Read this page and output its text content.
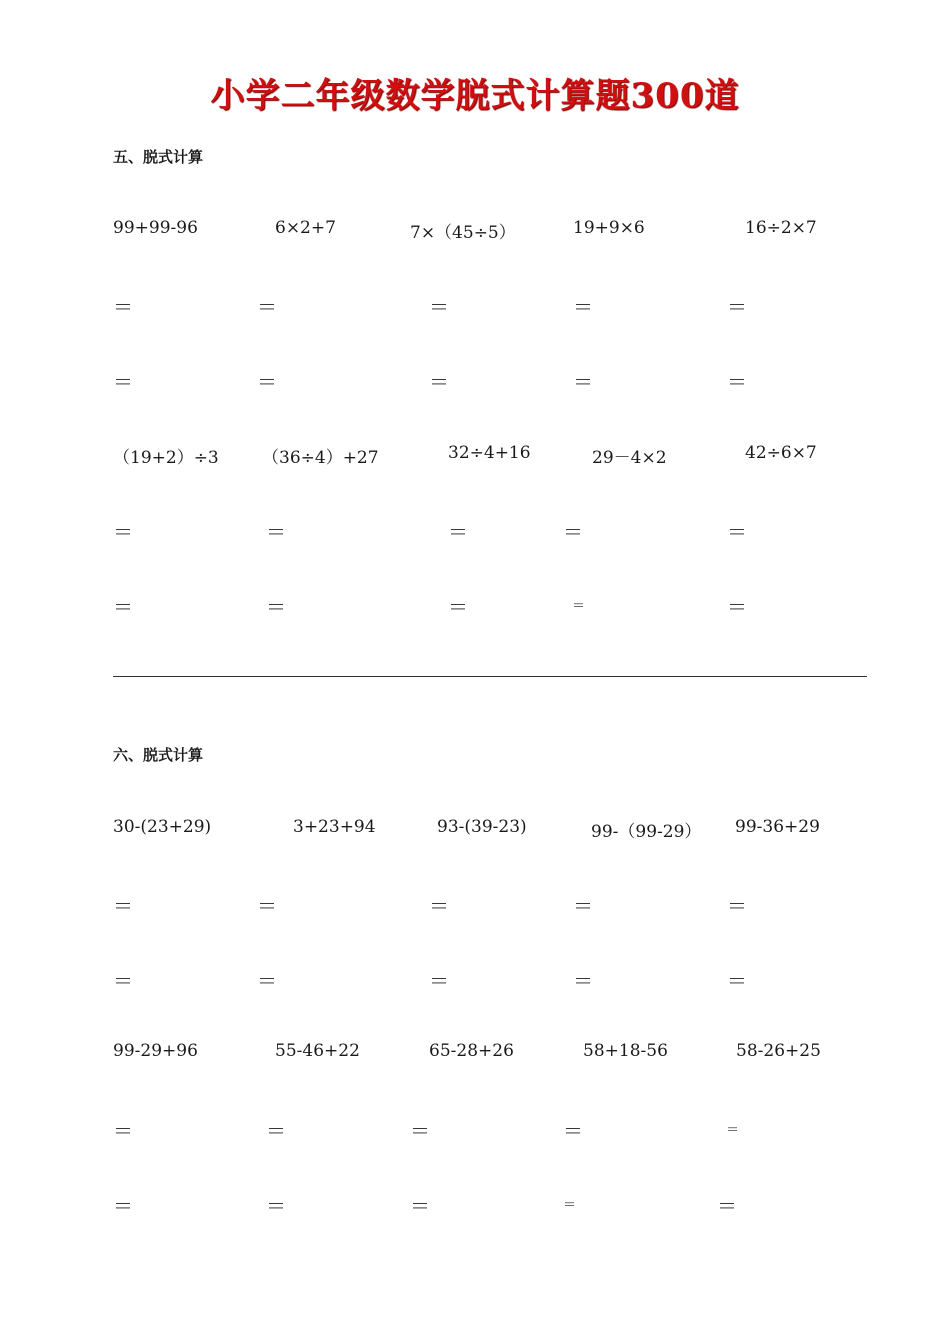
小学二年级数学脱式计算题300道
五、脱式计算
99+99-96	6×2+7	7×（45÷5）	19+9×6	16÷2×7
＝	＝	＝	＝	＝
＝	＝	＝	＝	＝
（19+2）÷3	（36÷4）+27	32÷4+16	29－4×2	42÷6×7
＝	＝	＝	＝	＝
＝	＝	＝	＝	＝
六、脱式计算
30-(23+29)	3+23+94	93-(39-23)	99-（99-29） 99-36+29
＝	＝	＝	＝	＝
＝	＝	＝	＝	＝
99-29+96	55-46+22	65-28+26	58+18-56	58-26+25
＝	＝	＝	＝	＝
＝	＝	＝	＝	＝
